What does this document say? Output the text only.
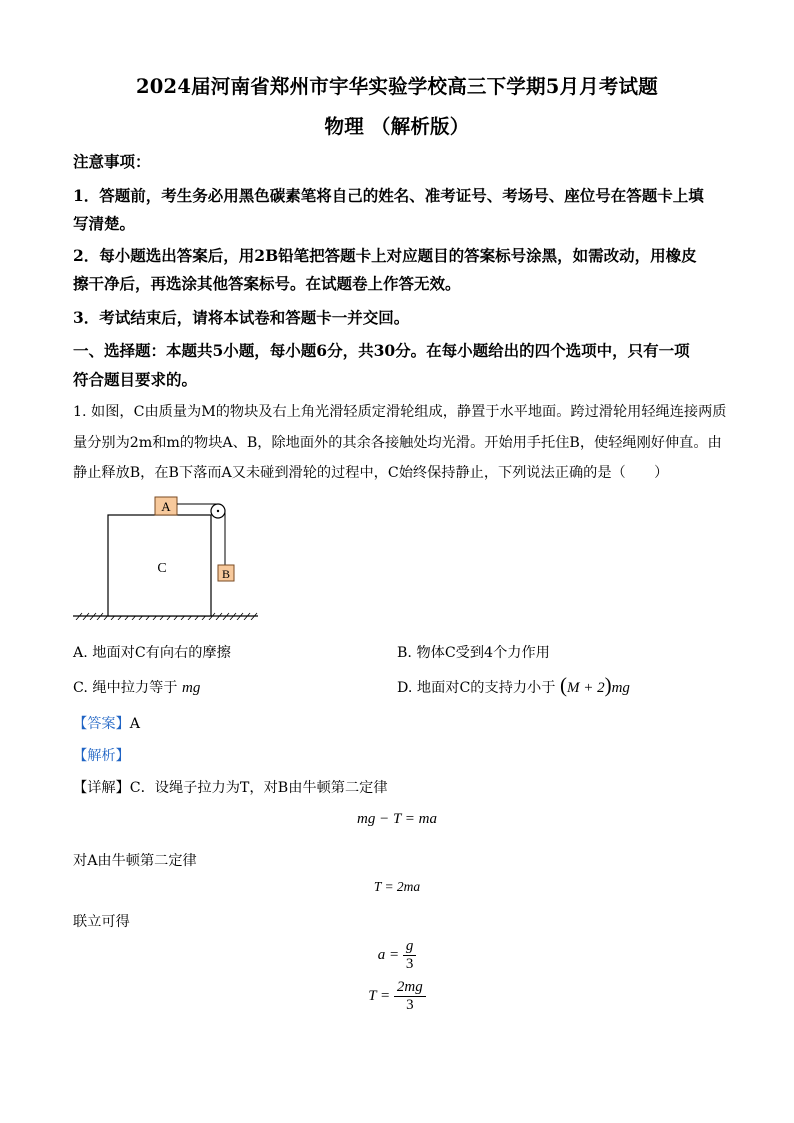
2024届河南省郑州市宇华实验学校高三下学期5月月考试题
物理 （解析版）
注意事项：
1．答题前，考生务必用黑色碳素笔将自己的姓名、准考证号、考场号、座位号在答题卡上填
写清楚。
2．每小题选出答案后，用2B铅笔把答题卡上对应题目的答案标号涂黑，如需改动，用橡皮
擦干净后，再选涂其他答案标号。在试题卷上作答无效。
3．考试结束后，请将本试卷和答题卡一并交回。
一、选择题：本题共5小题，每小题6分，共30分。在每小题给出的四个选项中，只有一项
符合题目要求的。
1. 如图，C由质量为M的物块及右上角光滑轻质定滑轮组成，静置于水平地面。跨过滑轮用轻绳连接两质
量分别为2m和m的物块A、B，除地面外的其余各接触处均光滑。开始用手托住B，使轻绳刚好伸直。由
静止释放B，在B下落而A又未碰到滑轮的过程中，C始终保持静止，下列说法正确的是（　　）
C
A
B
A. 地面对C有向右的摩擦	B. 物体C受到4个力作用
C. 绳中拉力等于 mg	D. 地面对C的支持力小于 (M + 2)mg
【答案】A
【解析】
【详解】C．设绳子拉力为T，对B由牛顿第二定律
mg − T = ma
对A由牛顿第二定律
T = 2ma
联立可得
$a = \frac{g}{3}$
$T = \frac{2mg}{3}$
